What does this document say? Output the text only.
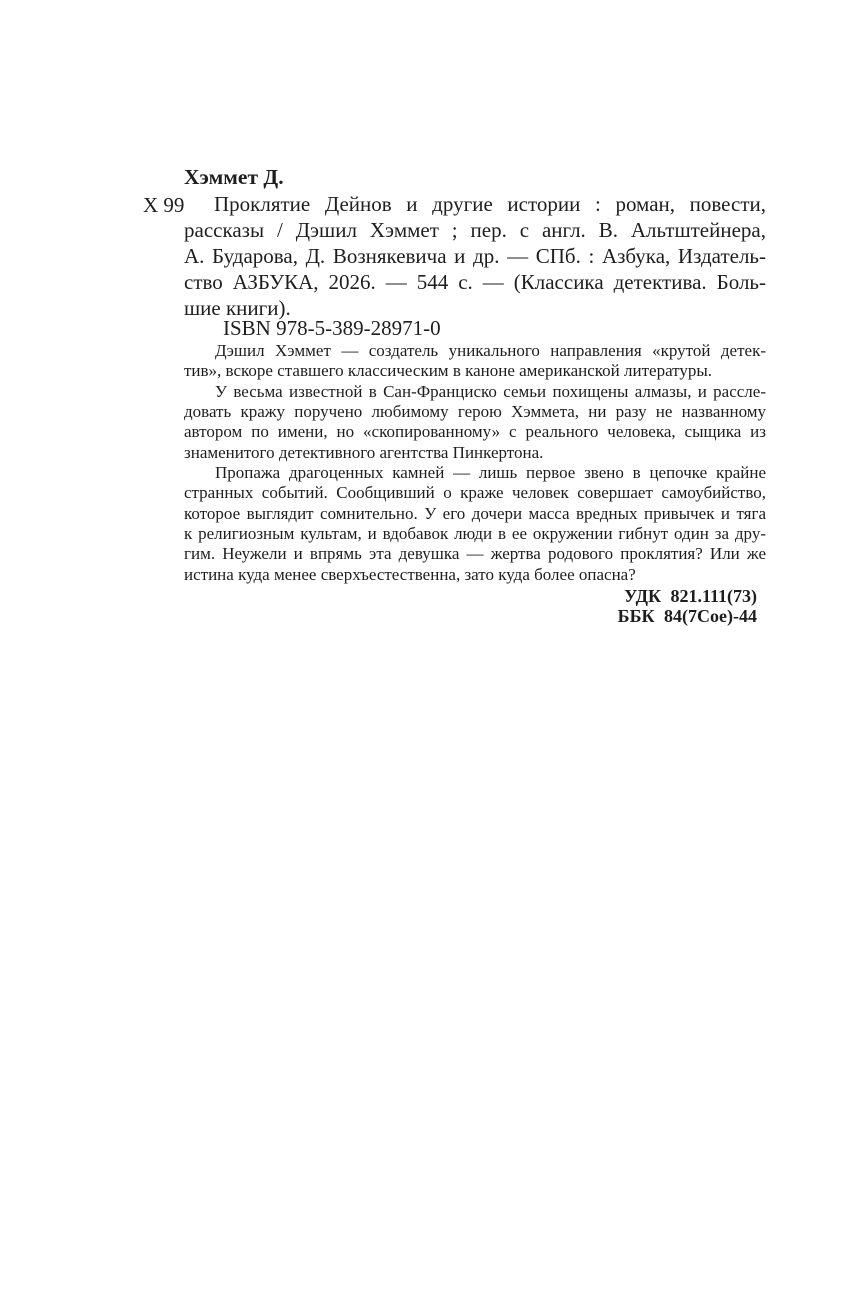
Х 99
Хэммет Д.
Проклятие Дейнов и другие истории : роман, повести,
рассказы / Дэшил Хэммет ; пер. с англ. В. Альтштейнера,
А. Бударова, Д. Вознякевича и др. — СПб. : Азбука, Издатель-
ство АЗБУКА, 2026. — 544 с. — (Классика детектива. Боль-
шие книги).
ISBN 978-5-389-28971-0
Дэшил Хэммет — создатель уникального направления «крутой детек-
тив», вскоре ставшего классическим в каноне американской литературы.
У весьма известной в Сан-Франциско семьи похищены алмазы, и рассле-
довать кражу поручено любимому герою Хэммета, ни разу не названному
автором по имени, но «скопированному» с реального человека, сыщика из
знаменитого детективного агентства Пинкертона.
Пропажа драгоценных камней — лишь первое звено в цепочке крайне
странных событий. Сообщивший о краже человек совершает самоубийство,
которое выглядит сомнительно. У его дочери масса вредных привычек и тяга
к религиозным культам, и вдобавок люди в ее окружении гибнут один за дру-
гим. Неужели и впрямь эта девушка — жертва родового проклятия? Или же
истина куда менее сверхъестественна, зато куда более опасна?
УДК 821.111(73)
ББК 84(7Сое)-44
